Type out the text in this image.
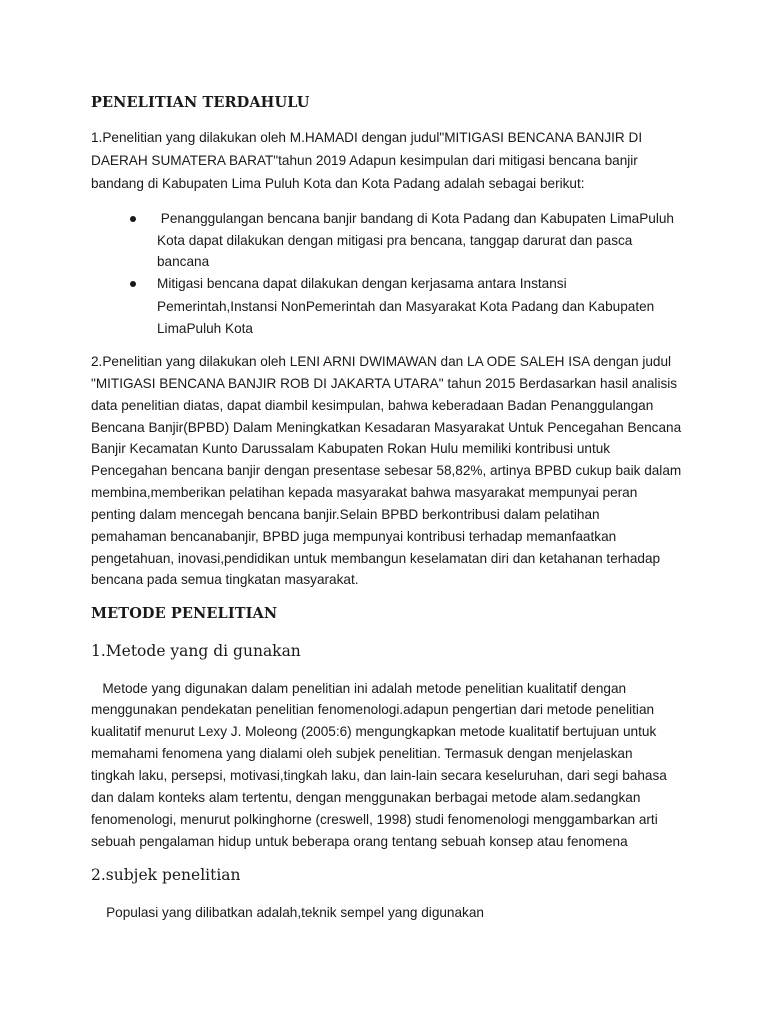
PENELITIAN TERDAHULU
1.Penelitian yang dilakukan oleh M.HAMADI dengan judul"MITIGASI BENCANA BANJIR DI
DAERAH SUMATERA BARAT"tahun 2019 Adapun kesimpulan dari mitigasi bencana banjir
bandang di Kabupaten Lima Puluh Kota dan Kota Padang adalah sebagai berikut:
Penanggulangan bencana banjir bandang di Kota Padang dan Kabupaten LimaPuluh
Kota dapat dilakukan dengan mitigasi pra bencana, tanggap darurat dan pasca
bancana
Mitigasi bencana dapat dilakukan dengan kerjasama antara Instansi
Pemerintah,Instansi NonPemerintah dan Masyarakat Kota Padang dan Kabupaten
LimaPuluh Kota
2.Penelitian yang dilakukan oleh LENI ARNI DWIMAWAN dan LA ODE SALEH ISA dengan judul
"MITIGASI BENCANA BANJIR ROB DI JAKARTA UTARA" tahun 2015 Berdasarkan hasil analisis
data penelitian diatas, dapat diambil kesimpulan, bahwa keberadaan Badan Penanggulangan
Bencana Banjir(BPBD) Dalam Meningkatkan Kesadaran Masyarakat Untuk Pencegahan Bencana
Banjir Kecamatan Kunto Darussalam Kabupaten Rokan Hulu memiliki kontribusi untuk
Pencegahan bencana banjir dengan presentase sebesar 58,82%, artinya BPBD cukup baik dalam
membina,memberikan pelatihan kepada masyarakat bahwa masyarakat mempunyai peran
penting dalam mencegah bencana banjir.Selain BPBD berkontribusi dalam pelatihan
pemahaman bencanabanjir, BPBD juga mempunyai kontribusi terhadap memanfaatkan
pengetahuan, inovasi,pendidikan untuk membangun keselamatan diri dan ketahanan terhadap
bencana pada semua tingkatan masyarakat.
METODE PENELITIAN
1.Metode yang di gunakan
Metode yang digunakan dalam penelitian ini adalah metode penelitian kualitatif dengan
menggunakan pendekatan penelitian fenomenologi.adapun pengertian dari metode penelitian
kualitatif menurut Lexy J. Moleong (2005:6) mengungkapkan metode kualitatif bertujuan untuk
memahami fenomena yang dialami oleh subjek penelitian. Termasuk dengan menjelaskan
tingkah laku, persepsi, motivasi,tingkah laku, dan lain-lain secara keseluruhan, dari segi bahasa
dan dalam konteks alam tertentu, dengan menggunakan berbagai metode alam.sedangkan
fenomenologi, menurut polkinghorne (creswell, 1998) studi fenomenologi menggambarkan arti
sebuah pengalaman hidup untuk beberapa orang tentang sebuah konsep atau fenomena
2.subjek penelitian
Populasi yang dilibatkan adalah,teknik sempel yang digunakan
